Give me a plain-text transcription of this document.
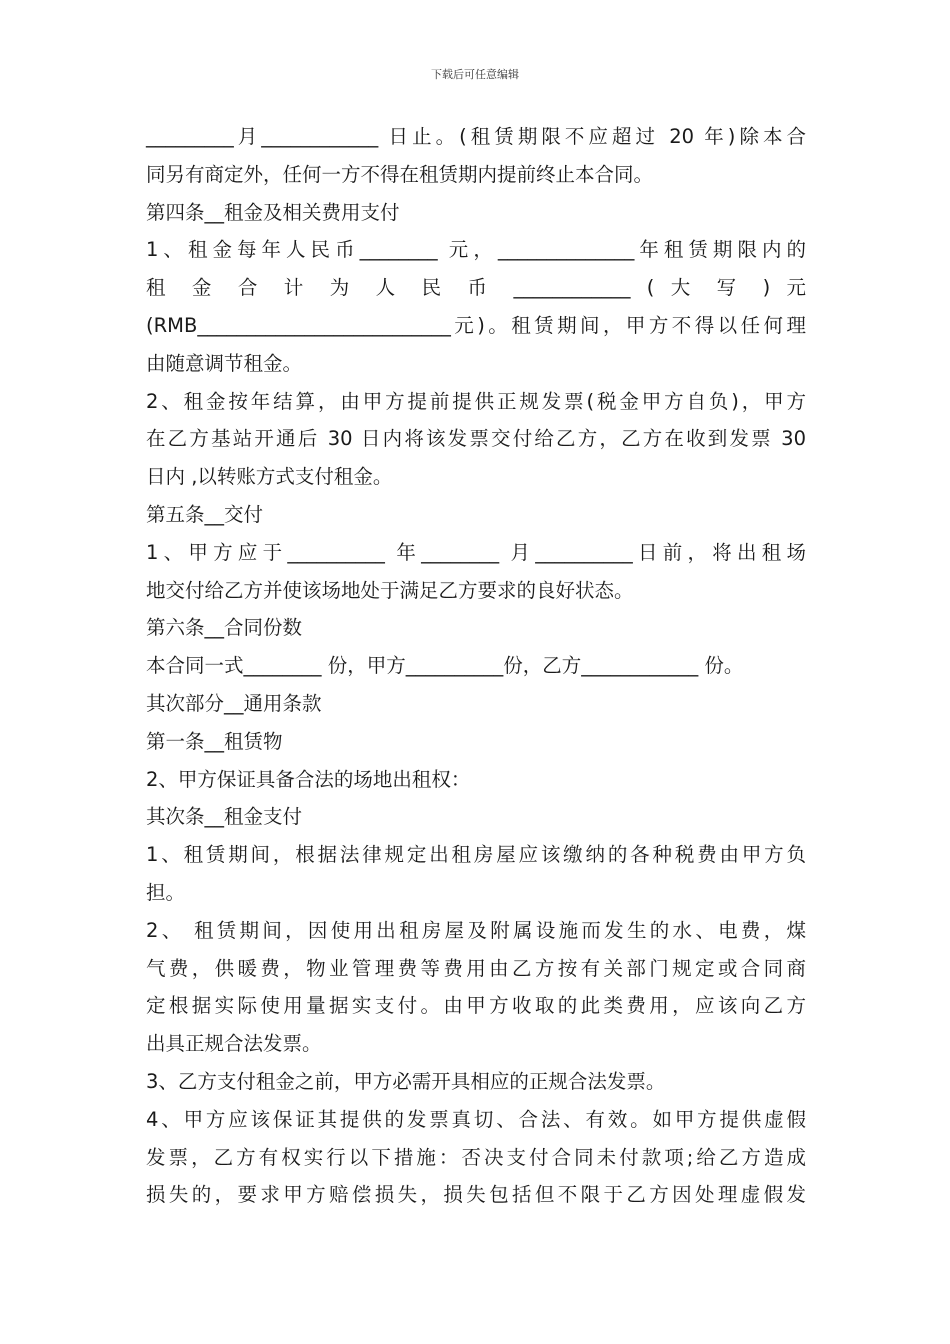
下载后可任意编辑
_________月____________ 日止。(租赁期限不应超过 20 年)除本合
同另有商定外，任何一方不得在租赁期内提前终止本合同。
第四条__租金及相关费用支付
1、租金每年人民币________ 元，______________年租赁期限内的
租 金 合 计 为 人 民 币 ____________ ( 大 写 ) 元
(RMB__________________________元)。租赁期间，甲方不得以任何理
由随意调节租金。
2、租金按年结算，由甲方提前提供正规发票(税金甲方自负)，甲方
在乙方基站开通后 30 日内将该发票交付给乙方，乙方在收到发票 30
日内 ,以转账方式支付租金。
第五条__交付
1、甲方应于__________ 年________ 月__________日前，将出租场
地交付给乙方并使该场地处于满足乙方要求的良好状态。
第六条__合同份数
本合同一式________ 份，甲方__________份，乙方____________ 份。
其次部分__通用条款
第一条__租赁物
2、甲方保证具备合法的场地出租权：
其次条__租金支付
1、租赁期间，根据法律规定出租房屋应该缴纳的各种税费由甲方负
担。
2、 租赁期间，因使用出租房屋及附属设施而发生的水、电费，煤
气费，供暖费，物业管理费等费用由乙方按有关部门规定或合同商
定根据实际使用量据实支付。由甲方收取的此类费用，应该向乙方
出具正规合法发票。
3、乙方支付租金之前，甲方必需开具相应的正规合法发票。
4、甲方应该保证其提供的发票真切、合法、有效。如甲方提供虚假
发票，乙方有权实行以下措施：否决支付合同未付款项;给乙方造成
损失的，要求甲方赔偿损失，损失包括但不限于乙方因处理虚假发
